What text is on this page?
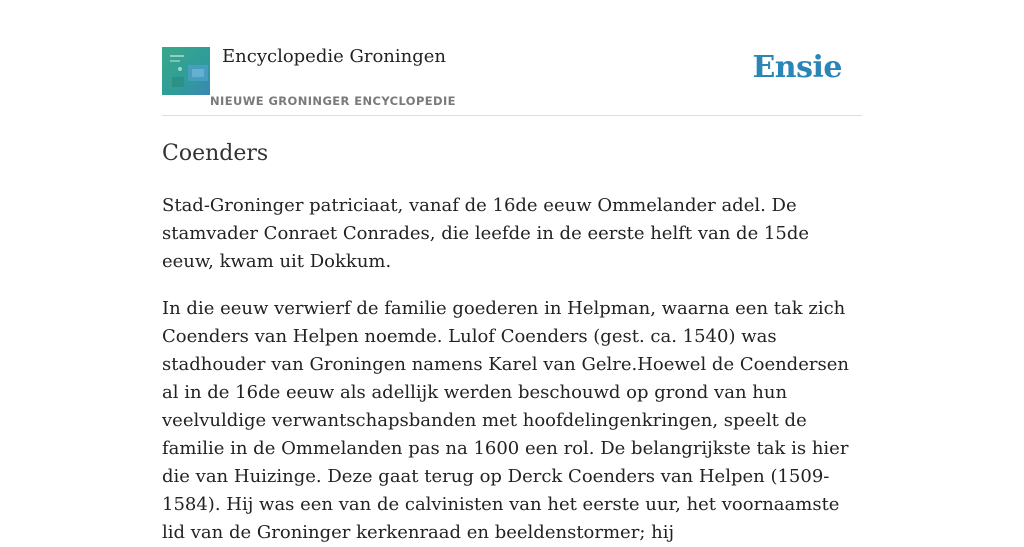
Encyclopedie Groningen
NIEUWE GRONINGER ENCYCLOPEDIE
Ensie
Coenders

Stad-Groninger patriciaat, vanaf de 16de eeuw Ommelander adel. De stamvader Conraet Conrades, die leefde in de eerste helft van de 15de eeuw, kwam uit Dokkum.

In die eeuw verwierf de familie goederen in Helpman, waarna een tak zich Coenders van Helpen noemde. Lulof Coenders (gest. ca. 1540) was stadhouder van Groningen namens Karel van Gelre.Hoewel de Coendersen al in de 16de eeuw als adellijk werden beschouwd op grond van hun veelvuldige verwantschapsbanden met hoofdelingenkringen, speelt de familie in de Ommelanden pas na 1600 een rol. De belangrijkste tak is hier die van Huizinge. Deze gaat terug op Derck Coenders van Helpen (1509-1584). Hij was een van de calvinisten van het eerste uur, het voornaamste lid van de Groninger kerkenraad en beeldenstormer; hij
